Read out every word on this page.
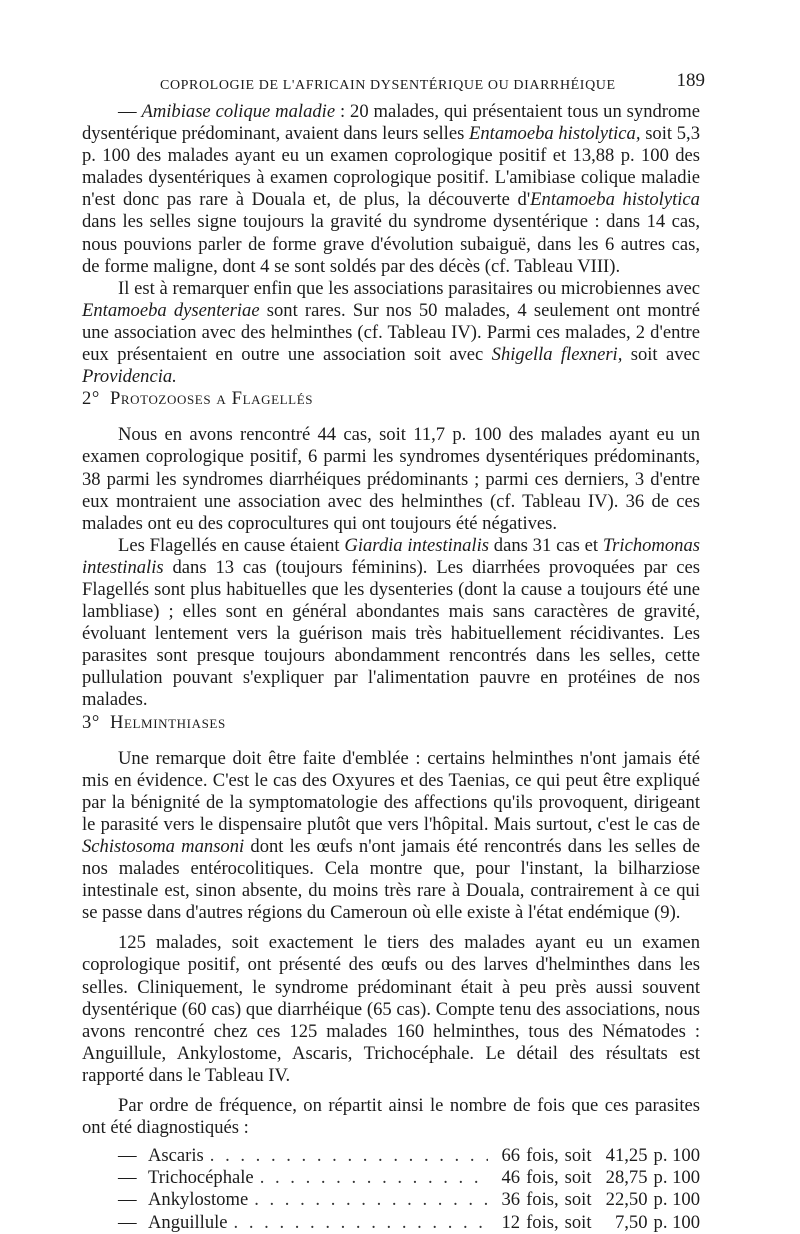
COPROLOGIE DE L'AFRICAIN DYSENTÉRIQUE OU DIARRHÉIQUE	189

— Amibiase colique maladie : 20 malades, qui présentaient tous un syndrome dysentérique prédominant, avaient dans leurs selles Entamoeba histolytica, soit 5,3 p. 100 des malades ayant eu un examen coprologique positif et 13,88 p. 100 des malades dysentériques à examen coprologique positif. L'amibiase colique maladie n'est donc pas rare à Douala et, de plus, la découverte d'Entamoeba histolytica dans les selles signe toujours la gravité du syndrome dysentérique : dans 14 cas, nous pouvions parler de forme grave d'évolution subaiguë, dans les 6 autres cas, de forme maligne, dont 4 se sont soldés par des décès (cf. Tableau VIII).

Il est à remarquer enfin que les associations parasitaires ou microbiennes avec Entamoeba dysenteriae sont rares. Sur nos 50 malades, 4 seulement ont montré une association avec des helminthes (cf. Tableau IV). Parmi ces malades, 2 d'entre eux présentaient en outre une association soit avec Shigella flexneri, soit avec Providencia.

2° Protozooses a Flagellés

Nous en avons rencontré 44 cas, soit 11,7 p. 100 des malades ayant eu un examen coprologique positif, 6 parmi les syndromes dysentériques prédominants, 38 parmi les syndromes diarrhéiques prédominants ; parmi ces derniers, 3 d'entre eux montraient une association avec des helminthes (cf. Tableau IV). 36 de ces malades ont eu des coprocultures qui ont toujours été négatives.

Les Flagellés en cause étaient Giardia intestinalis dans 31 cas et Trichomonas intestinalis dans 13 cas (toujours féminins). Les diarrhées provoquées par ces Flagellés sont plus habituelles que les dysenteries (dont la cause a toujours été une lambliase) ; elles sont en général abondantes mais sans caractères de gravité, évoluant lentement vers la guérison mais très habituellement récidivantes. Les parasites sont presque toujours abondamment rencontrés dans les selles, cette pullulation pouvant s'expliquer par l'alimentation pauvre en protéines de nos malades.

3° Helminthiases

Une remarque doit être faite d'emblée : certains helminthes n'ont jamais été mis en évidence. C'est le cas des Oxyures et des Taenias, ce qui peut être expliqué par la bénignité de la symptomatologie des affections qu'ils provoquent, dirigeant le parasité vers le dispensaire plutôt que vers l'hôpital. Mais surtout, c'est le cas de Schistosoma mansoni dont les œufs n'ont jamais été rencontrés dans les selles de nos malades entérocolitiques. Cela montre que, pour l'instant, la bilharziose intestinale est, sinon absente, du moins très rare à Douala, contrairement à ce qui se passe dans d'autres régions du Cameroun où elle existe à l'état endémique (9).

125 malades, soit exactement le tiers des malades ayant eu un examen coprologique positif, ont présenté des œufs ou des larves d'helminthes dans les selles. Cliniquement, le syndrome prédominant était à peu près aussi souvent dysentérique (60 cas) que diarrhéique (65 cas). Compte tenu des associations, nous avons rencontré chez ces 125 malades 160 helminthes, tous des Nématodes : Anguillule, Ankylostome, Ascaris, Trichocéphale. Le détail des résultats est rapporté dans le Tableau IV.

Par ordre de fréquence, on répartit ainsi le nombre de fois que ces parasites ont été diagnostiqués :

— Ascaris . . .	66 fois, soit 41,25 p. 100
— Trichocéphale . . .	46 fois, soit 28,75 p. 100
— Ankylostome . . .	36 fois, soit 22,50 p. 100
— Anguillule . . .	12 fois, soit	7,50 p. 100
